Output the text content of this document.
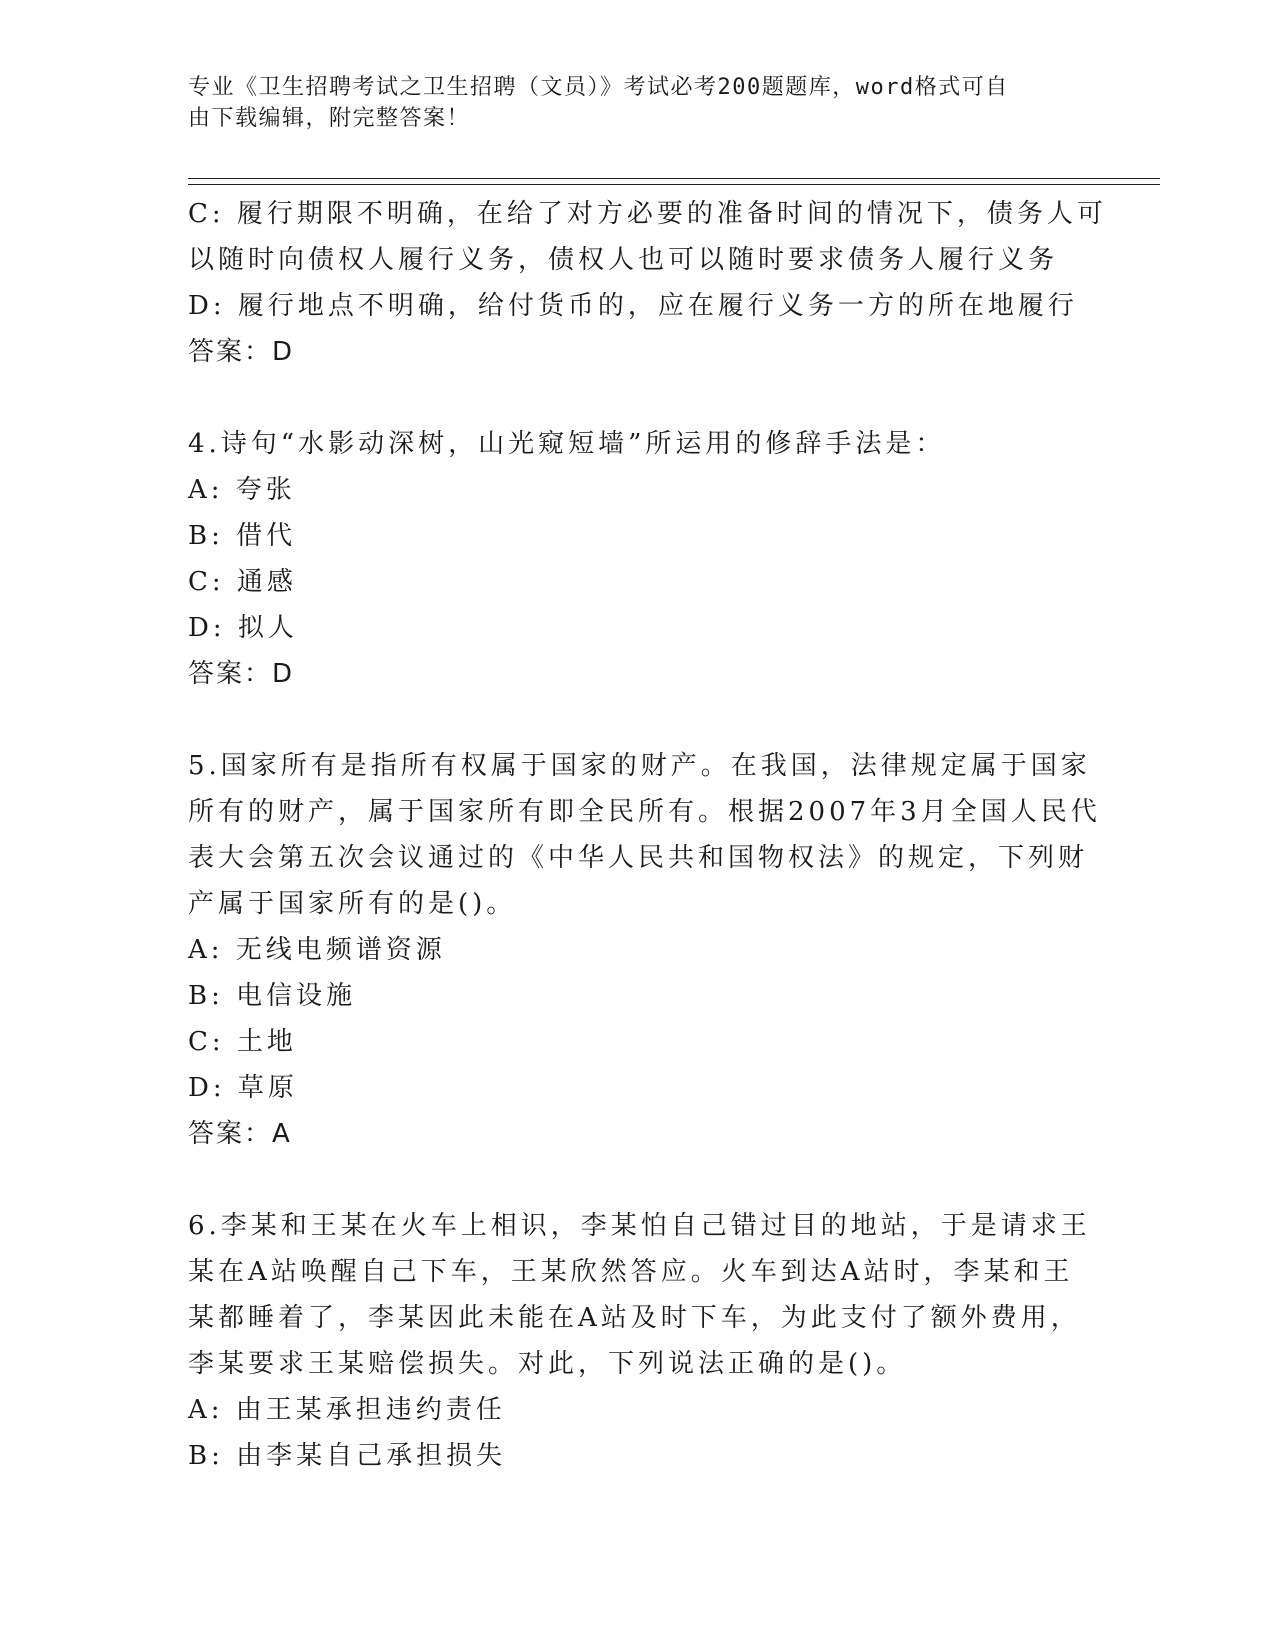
专业《卫生招聘考试之卫生招聘（文员）》考试必考200题题库，word格式可自
由下载编辑，附完整答案！
C: 履行期限不明确，在给了对方必要的准备时间的情况下，债务人可
以随时向债权人履行义务，债权人也可以随时要求债务人履行义务
D: 履行地点不明确，给付货币的，应在履行义务一方的所在地履行
答案：D
4.诗句“水影动深树，山光窥短墙”所运用的修辞手法是：
A: 夸张
B: 借代
C: 通感
D: 拟人
答案：D
5.国家所有是指所有权属于国家的财产。在我国，法律规定属于国家
所有的财产，属于国家所有即全民所有。根据2007年3月全国人民代
表大会第五次会议通过的《中华人民共和国物权法》的规定，下列财
产属于国家所有的是()。
A: 无线电频谱资源
B: 电信设施
C: 土地
D: 草原
答案：A
6.李某和王某在火车上相识，李某怕自己错过目的地站，于是请求王
某在A站唤醒自己下车，王某欣然答应。火车到达A站时，李某和王
某都睡着了，李某因此未能在A站及时下车，为此支付了额外费用，
李某要求王某赔偿损失。对此，下列说法正确的是()。
A: 由王某承担违约责任
B: 由李某自己承担损失
